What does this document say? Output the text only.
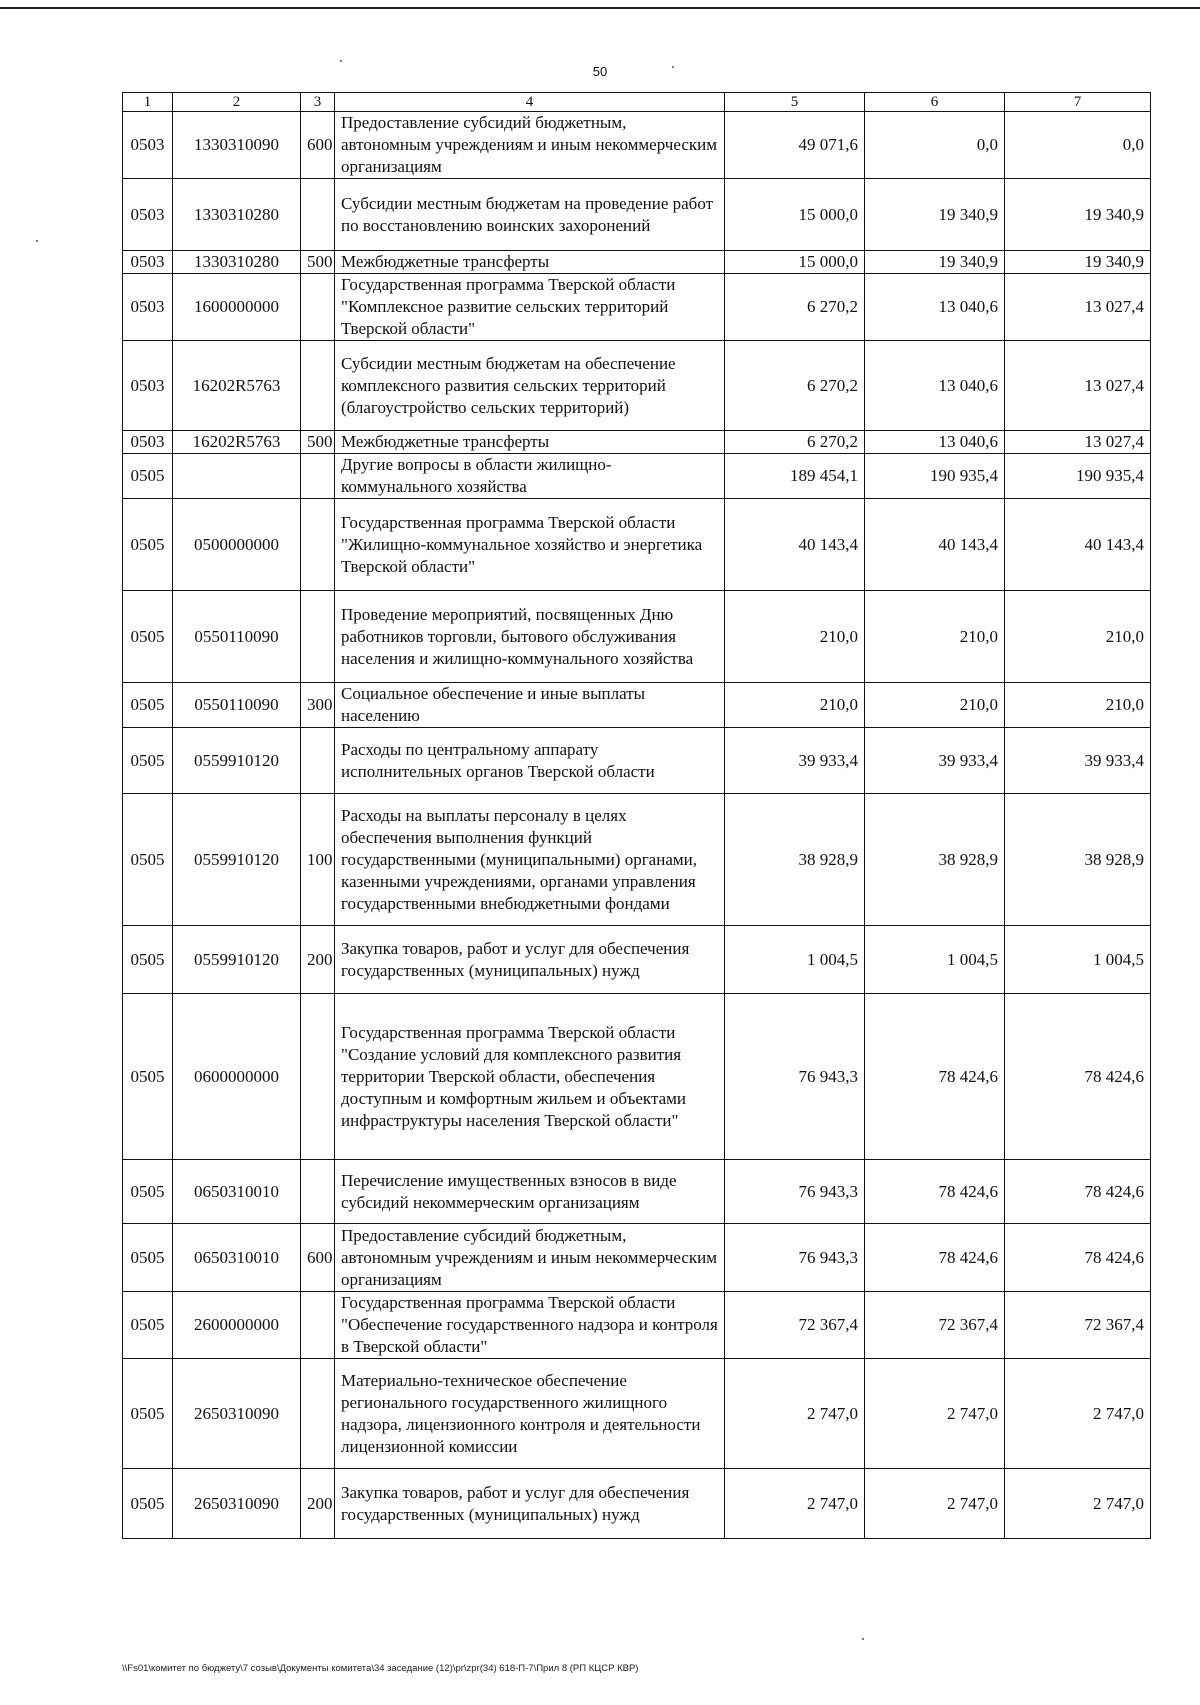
50
1	2	3	4	5	6	7
0503	1330310090	600	Предоставление субсидий бюджетным, автономным учреждениям и иным некоммерческим организациям	49 071,6	0,0	0,0
0503	1330310280		Субсидии местным бюджетам на проведение работ по восстановлению воинских захоронений	15 000,0	19 340,9	19 340,9
0503	1330310280	500	Межбюджетные трансферты	15 000,0	19 340,9	19 340,9
0503	1600000000		Государственная программа Тверской области "Комплексное развитие сельских территорий Тверской области"	6 270,2	13 040,6	13 027,4
0503	16202R5763		Субсидии местным бюджетам на обеспечение комплексного развития сельских территорий (благоустройство сельских территорий)	6 270,2	13 040,6	13 027,4
0503	16202R5763	500	Межбюджетные трансферты	6 270,2	13 040,6	13 027,4
0505			Другие вопросы в области жилищно-коммунального хозяйства	189 454,1	190 935,4	190 935,4
0505	0500000000		Государственная программа Тверской области "Жилищно-коммунальное хозяйство и энергетика Тверской области"	40 143,4	40 143,4	40 143,4
0505	0550110090		Проведение мероприятий, посвященных Дню работников торговли, бытового обслуживания населения и жилищно-коммунального хозяйства	210,0	210,0	210,0
0505	0550110090	300	Социальное обеспечение и иные выплаты населению	210,0	210,0	210,0
0505	0559910120		Расходы по центральному аппарату исполнительных органов Тверской области	39 933,4	39 933,4	39 933,4
0505	0559910120	100	Расходы на выплаты персоналу в целях обеспечения выполнения функций государственными (муниципальными) органами, казенными учреждениями, органами управления государственными внебюджетными фондами	38 928,9	38 928,9	38 928,9
0505	0559910120	200	Закупка товаров, работ и услуг для обеспечения государственных (муниципальных) нужд	1 004,5	1 004,5	1 004,5
0505	0600000000		Государственная программа Тверской области "Создание условий для комплексного развития территории Тверской области, обеспечения доступным и комфортным жильем и объектами инфраструктуры населения Тверской области"	76 943,3	78 424,6	78 424,6
0505	0650310010		Перечисление имущественных взносов в виде субсидий некоммерческим организациям	76 943,3	78 424,6	78 424,6
0505	0650310010	600	Предоставление субсидий бюджетным, автономным учреждениям и иным некоммерческим организациям	76 943,3	78 424,6	78 424,6
0505	2600000000		Государственная программа Тверской области "Обеспечение государственного надзора и контроля в Тверской области"	72 367,4	72 367,4	72 367,4
0505	2650310090		Материально-техническое обеспечение регионального государственного жилищного надзора, лицензионного контроля и деятельности лицензионной комиссии	2 747,0	2 747,0	2 747,0
0505	2650310090	200	Закупка товаров, работ и услуг для обеспечения государственных (муниципальных) нужд	2 747,0	2 747,0	2 747,0
\\Fs01\комитет по бюджету\7 созыв\Документы комитета\34 заседание (12)\pr\zpr(34) 618-П-7\Прил 8 (РП КЦСР КВР)
